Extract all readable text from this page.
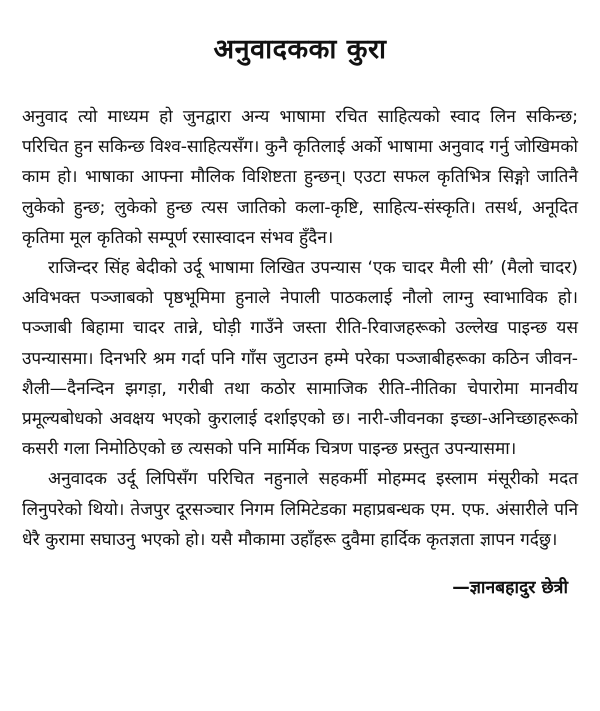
अनुवादकका कुरा

अनुवाद त्यो माध्यम हो जुनद्वारा अन्य भाषामा रचित साहित्यको स्वाद लिन सकिन्छ; परिचित हुन सकिन्छ विश्व-साहित्यसँग। कुनै कृतिलाई अर्को भाषामा अनुवाद गर्नु जोखिमको काम हो। भाषाका आफ्ना मौलिक विशिष्टता हुन्छन्। एउटा सफल कृतिभित्र सिङ्गो जातिनै लुकेको हुन्छ; लुकेको हुन्छ त्यस जातिको कला-कृष्टि, साहित्य-संस्कृति। तसर्थ, अनूदित कृतिमा मूल कृतिको सम्पूर्ण रसास्वादन संभव हुँदैन।

राजिन्दर सिंह बेदीको उर्दू भाषामा लिखित उपन्यास ‘एक चादर मैली सी’ (मैलो चादर) अविभक्त पञ्जाबको पृष्ठभूमिमा हुनाले नेपाली पाठकलाई नौलो लाग्नु स्वाभाविक हो। पञ्जाबी बिहामा चादर तान्ने, घोड़ी गाउँने जस्ता रीति-रिवाजहरूको उल्लेख पाइन्छ यस उपन्यासमा। दिनभरि श्रम गर्दा पनि गाँस जुटाउन हम्मे परेका पञ्जाबीहरूका कठिन जीवन-शैली—दैनन्दिन झगड़ा, गरीबी तथा कठोर सामाजिक रीति-नीतिका चेपारोमा मानवीय प्रमूल्यबोधको अवक्षय भएको कुरालाई दर्शाइएको छ। नारी-जीवनका इच्छा-अनिच्छाहरूको कसरी गला निमोठिएको छ त्यसको पनि मार्मिक चित्रण पाइन्छ प्रस्तुत उपन्यासमा।

अनुवादक उर्दू लिपिसँग परिचित नहुनाले सहकर्मी मोहम्मद इस्लाम मंसूरीको मदत लिनुपरेको थियो। तेजपुर दूरसञ्चार निगम लिमिटेडका महाप्रबन्धक एम. एफ. अंसारीले पनि धेरै कुरामा सघाउनु भएको हो। यसै मौकामा उहाँहरू दुवैमा हार्दिक कृतज्ञता ज्ञापन गर्दछु।

—ज्ञानबहादुर छेत्री
